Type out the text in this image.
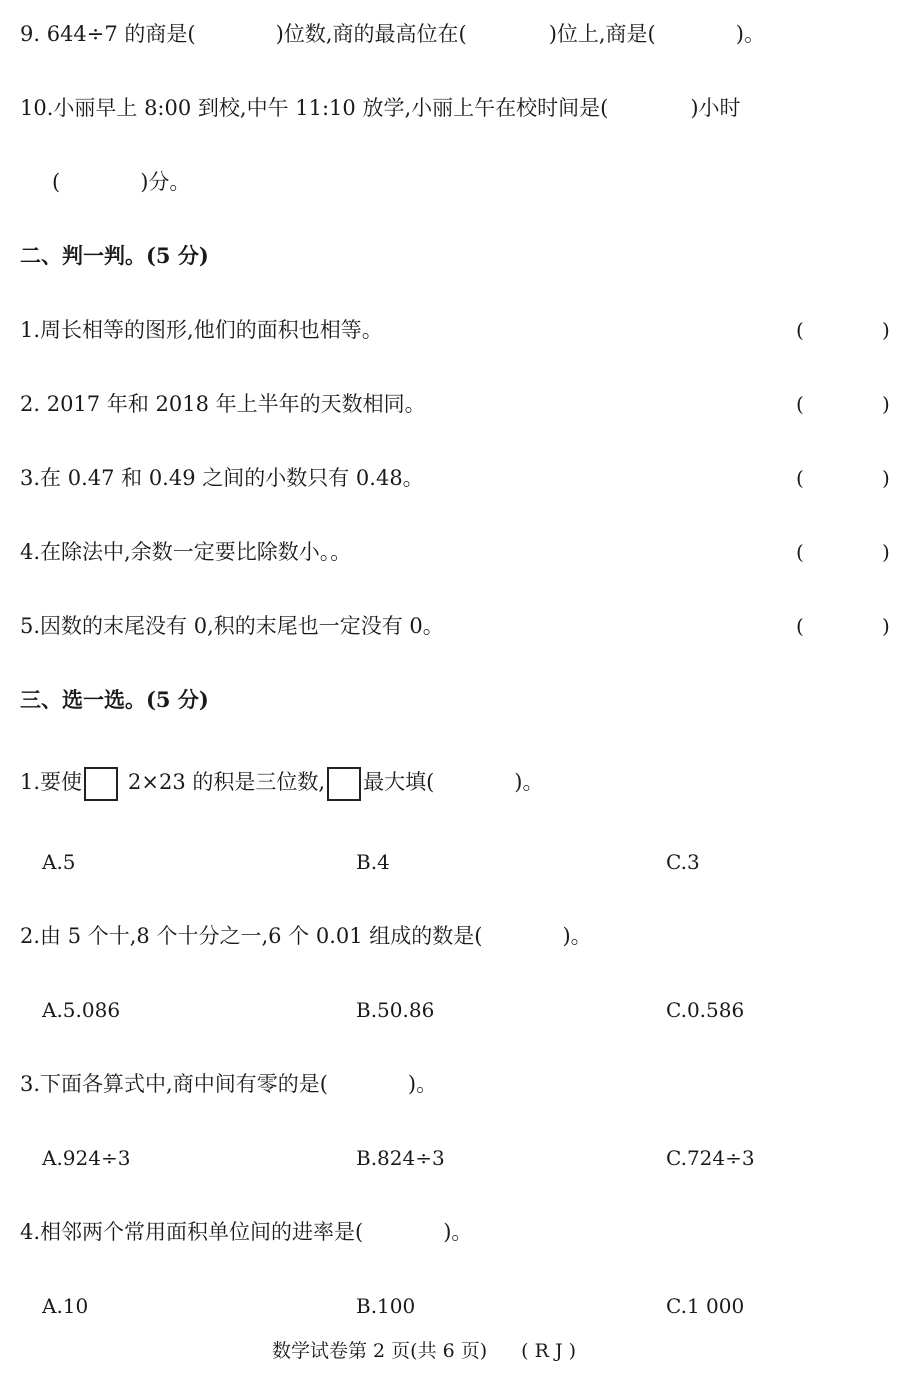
9. 644÷7 的商是(	)位数,商的最高位在(	)位上,商是(	)。
10.小丽早上 8:00 到校,中午 11:10 放学,小丽上午在校时间是(	)小时
(	)分。
二、判一判。(5 分)
1.周长相等的图形,他们的面积也相等。	(	)
2. 2017 年和 2018 年上半年的天数相同。	(	)
3.在 0.47 和 0.49 之间的小数只有 0.48。	(	)
4.在除法中,余数一定要比除数小。。	(	)
5.因数的末尾没有 0,积的末尾也一定没有 0。	(	)
三、选一选。(5 分)
1.要使 2×23 的积是三位数, 最大填(	)。
A.5	B.4	C.3
2.由 5 个十,8 个十分之一,6 个 0.01 组成的数是(	)。
A.5.086	B.50.86	C.0.586
3.下面各算式中,商中间有零的是(	)。
A.924÷3	B.824÷3	C.724÷3
4.相邻两个常用面积单位间的进率是(	)。
A.10	B.100	C.1 000
数学试卷第 2 页(共 6 页) ( R J )
